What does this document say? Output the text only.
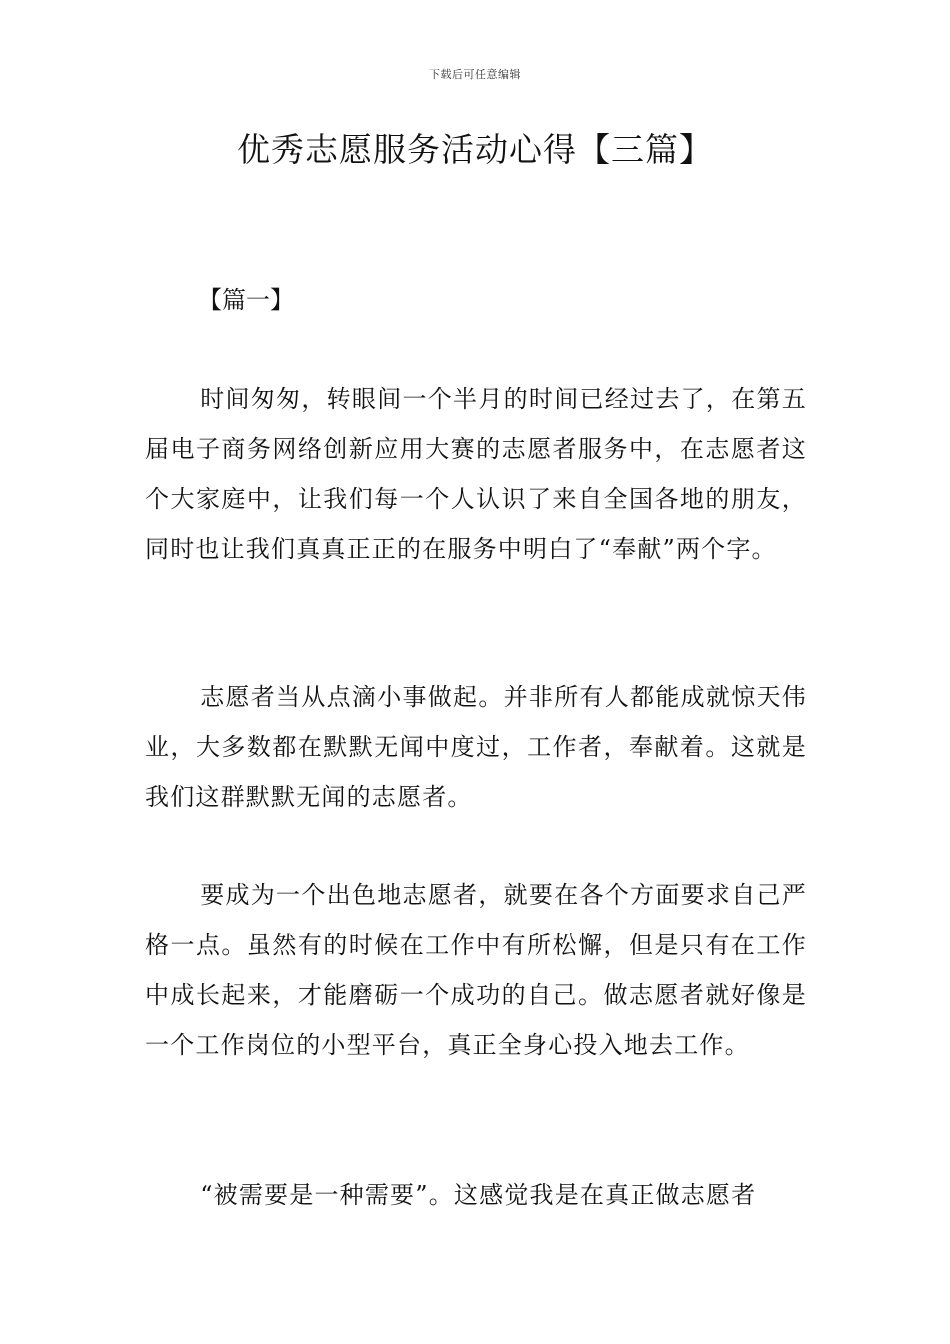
下载后可任意编辑
优秀志愿服务活动心得【三篇】
【篇一】

时间匆匆，转眼间一个半月的时间已经过去了，在第五届电子商务网络创新应用大赛的志愿者服务中，在志愿者这个大家庭中，让我们每一个人认识了来自全国各地的朋友，同时也让我们真真正正的在服务中明白了“奉献”两个字。

志愿者当从点滴小事做起。并非所有人都能成就惊天伟业，大多数都在默默无闻中度过，工作者，奉献着。这就是我们这群默默无闻的志愿者。

要成为一个出色地志愿者，就要在各个方面要求自己严格一点。虽然有的时候在工作中有所松懈，但是只有在工作中成长起来，才能磨砺一个成功的自己。做志愿者就好像是一个工作岗位的小型平台，真正全身心投入地去工作。

“被需要是一种需要”。这感觉我是在真正做志愿者
